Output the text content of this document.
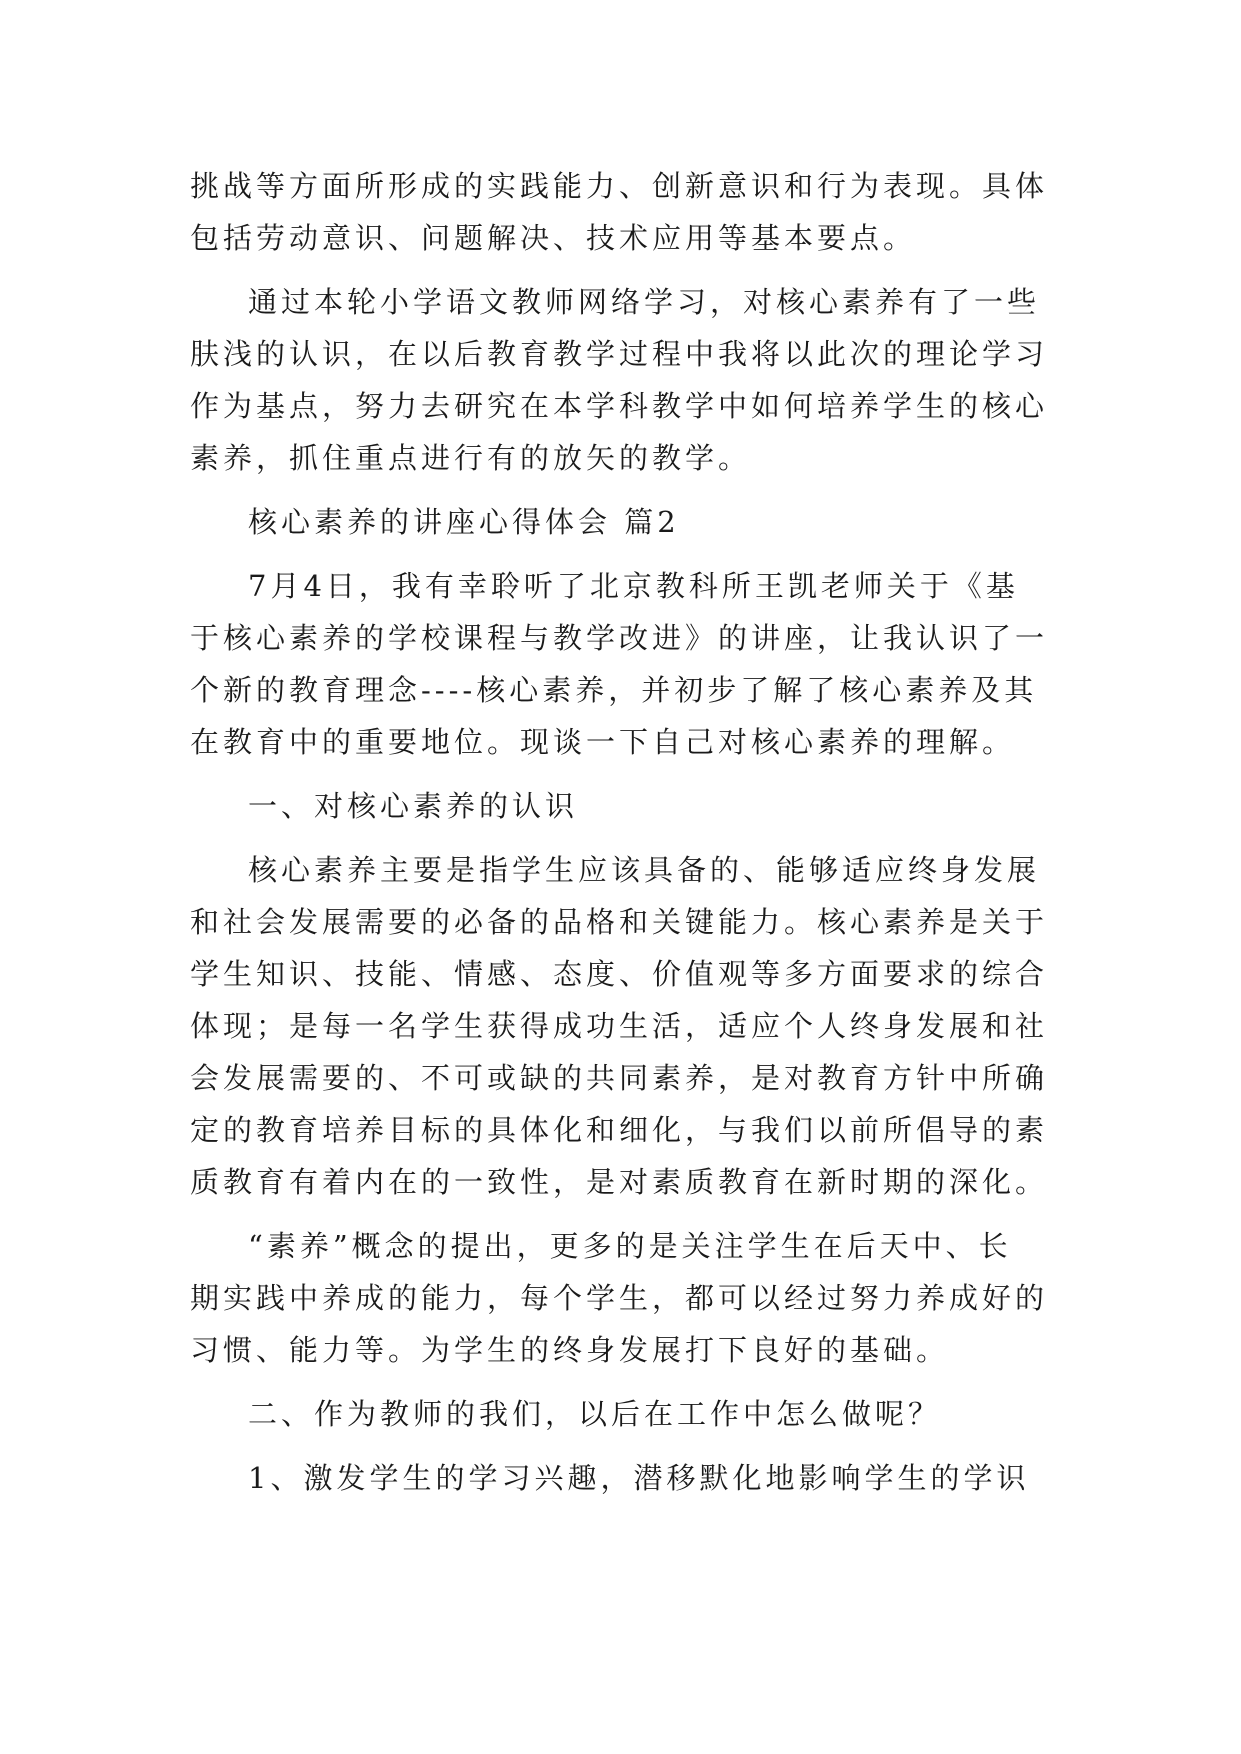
挑战等方面所形成的实践能力、创新意识和行为表现。具体
包括劳动意识、问题解决、技术应用等基本要点。

通过本轮小学语文教师网络学习，对核心素养有了一些
肤浅的认识，在以后教育教学过程中我将以此次的理论学习
作为基点，努力去研究在本学科教学中如何培养学生的核心
素养，抓住重点进行有的放矢的教学。

核心素养的讲座心得体会 篇2

7月4日，我有幸聆听了北京教科所王凯老师关于《基
于核心素养的学校课程与教学改进》的讲座，让我认识了一
个新的教育理念----核心素养，并初步了解了核心素养及其
在教育中的重要地位。现谈一下自己对核心素养的理解。

一、对核心素养的认识

核心素养主要是指学生应该具备的、能够适应终身发展
和社会发展需要的必备的品格和关键能力。核心素养是关于
学生知识、技能、情感、态度、价值观等多方面要求的综合
体现；是每一名学生获得成功生活，适应个人终身发展和社
会发展需要的、不可或缺的共同素养，是对教育方针中所确
定的教育培养目标的具体化和细化，与我们以前所倡导的素
质教育有着内在的一致性，是对素质教育在新时期的深化。

“素养”概念的提出，更多的是关注学生在后天中、长
期实践中养成的能力，每个学生，都可以经过努力养成好的
习惯、能力等。为学生的终身发展打下良好的基础。

二、作为教师的我们，以后在工作中怎么做呢？

1、激发学生的学习兴趣，潜移默化地影响学生的学识
